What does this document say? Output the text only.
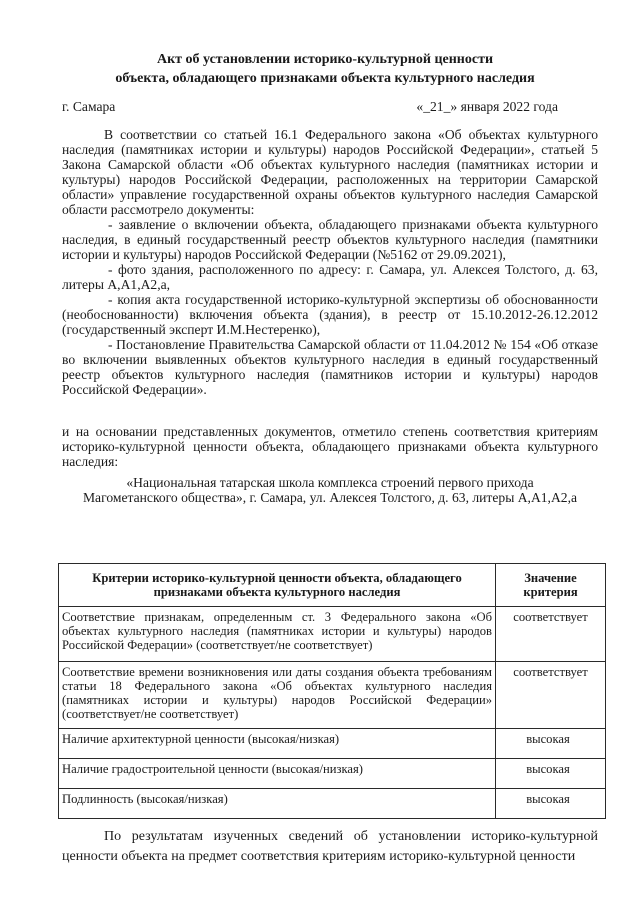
Акт об установлении историко-культурной ценности
объекта, обладающего признаками объекта культурного наследия
г. Самара	«_21_» января 2022 года

В соответствии со статьей 16.1 Федерального закона «Об объектах культурного наследия (памятниках истории и культуры) народов Российской Федерации», статьей 5 Закона Самарской области «Об объектах культурного наследия (памятниках истории и культуры) народов Российской Федерации, расположенных на территории Самарской области» управление государственной охраны объектов культурного наследия Самарской области рассмотрело документы:

- заявление о включении объекта, обладающего признаками объекта культурного наследия, в единый государственный реестр объектов культурного наследия (памятники истории и культуры) народов Российской Федерации (№5162 от 29.09.2021),

- фото здания, расположенного по адресу: г. Самара, ул. Алексея Толстого, д. 63, литеры А,А1,А2,а,

- копия акта государственной историко-культурной экспертизы об обоснованности (необоснованности) включения объекта (здания), в реестр от 15.10.2012-26.12.2012 (государственный эксперт И.М.Нестеренко),

- Постановление Правительства Самарской области от 11.04.2012 № 154 «Об отказе во включении выявленных объектов культурного наследия в единый государственный реестр объектов культурного наследия (памятников истории и культуры) народов Российской Федерации».

и на основании представленных документов, отметило степень соответствия критериям историко-культурной ценности объекта, обладающего признаками объекта культурного наследия:

«Национальная татарская школа комплекса строений первого прихода

Магометанского общества», г. Самара, ул. Алексея Толстого, д. 63, литеры А,А1,А2,а

Критерии историко-культурной ценности объекта, обладающего признаками объекта культурного наследия	Значение критерия
Соответствие признакам, определенным ст. 3 Федерального закона «Об объектах культурного наследия (памятниках истории и культуры) народов Российской Федерации» (соответствует/не соответствует)	соответствует
Соответствие времени возникновения или даты создания объекта требованиям статьи 18 Федерального закона «Об объектах культурного наследия (памятниках истории и культуры) народов Российской Федерации» (соответствует/не соответствует)	соответствует
Наличие архитектурной ценности (высокая/низкая)	высокая
Наличие градостроительной ценности (высокая/низкая)	высокая
Подлинность (высокая/низкая)	высокая

По результатам изученных сведений об установлении историко-культурной ценности объекта на предмет соответствия критериям историко-культурной ценности
